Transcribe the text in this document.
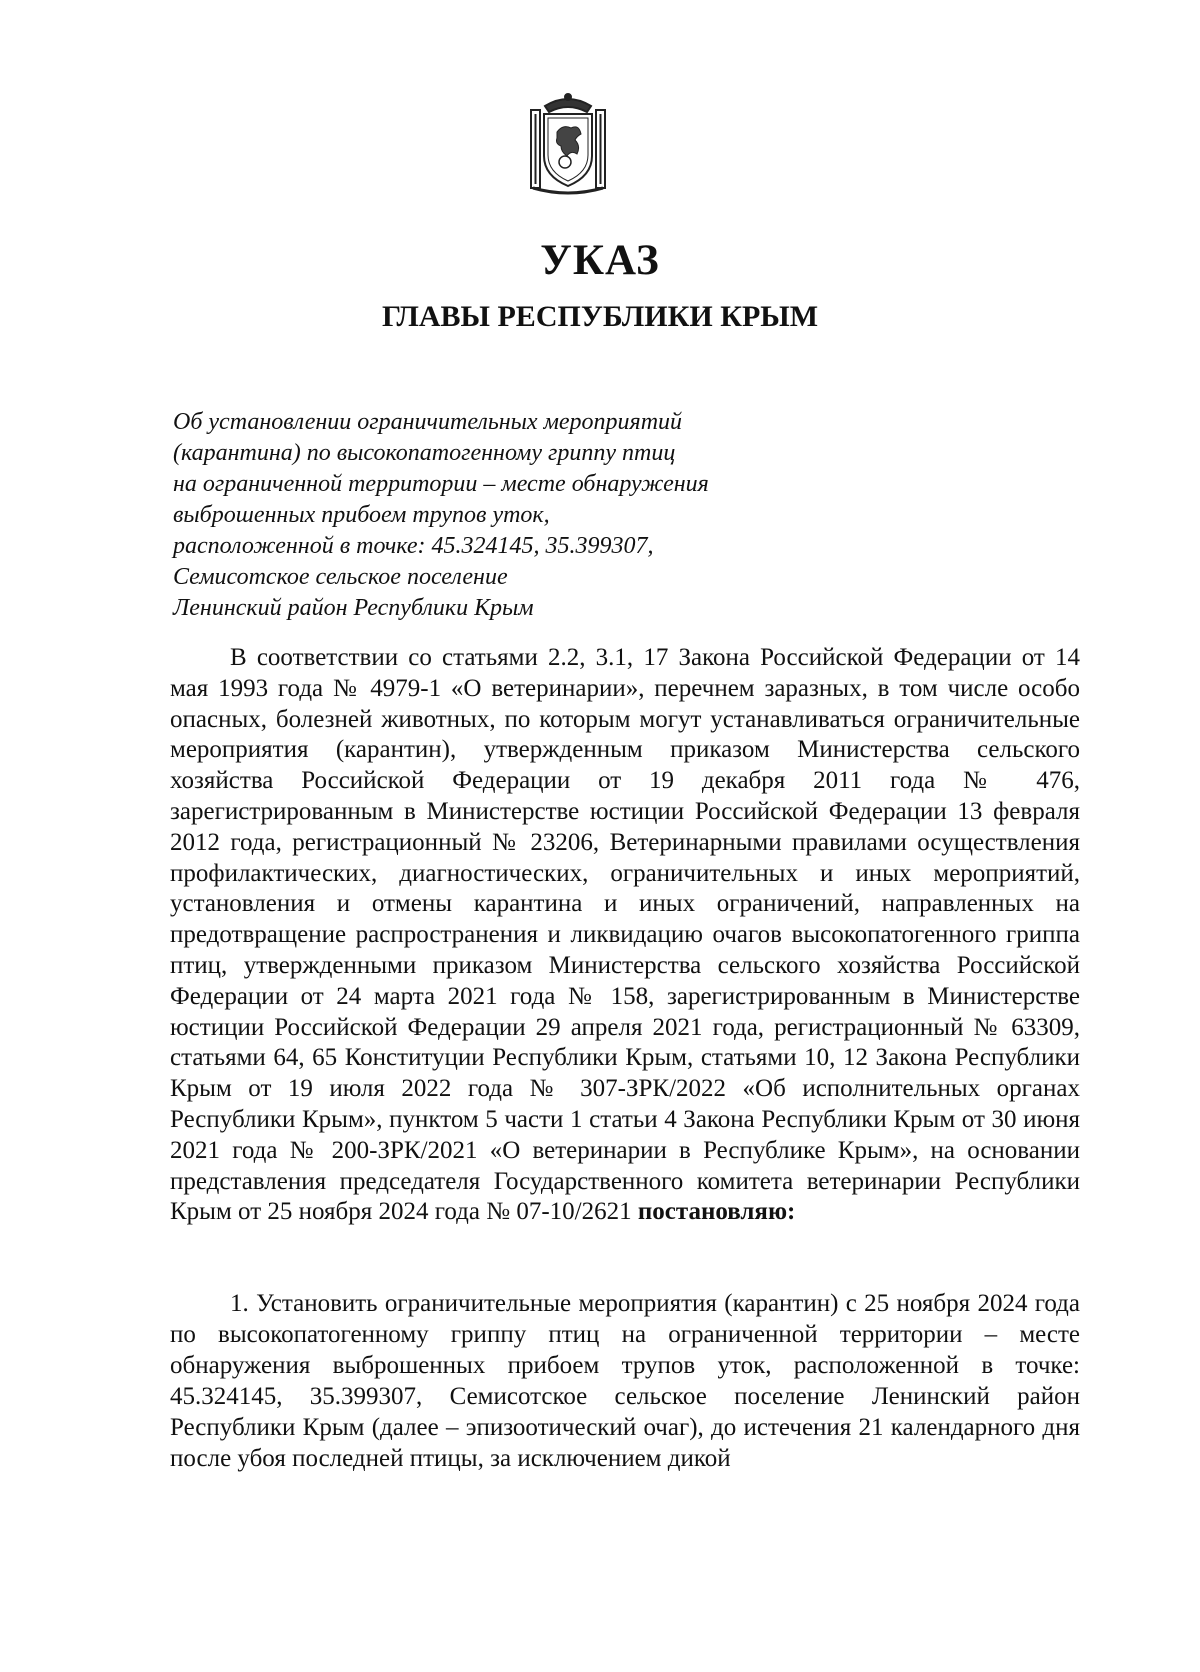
УКАЗ
ГЛАВЫ РЕСПУБЛИКИ КРЫМ
Об установлении ограничительных мероприятий
(карантина) по высокопатогенному гриппу птиц
на ограниченной территории – месте обнаружения
выброшенных прибоем трупов уток,
расположенной в точке: 45.324145, 35.399307,
Семисотское сельское поселение
Ленинский район Республики Крым

В соответствии со статьями 2.2, 3.1, 17 Закона Российской Федерации от 14 мая 1993 года № 4979-1 «О ветеринарии», перечнем заразных, в том числе особо опасных, болезней животных, по которым могут устанавливаться ограничительные мероприятия (карантин), утвержденным приказом Министерства сельского хозяйства Российской Федерации от 19 декабря 2011 года № 476, зарегистрированным в Министерстве юстиции Российской Федерации 13 февраля 2012 года, регистрационный № 23206, Ветеринарными правилами осуществления профилактических, диагностических, ограничительных и иных мероприятий, установления и отмены карантина и иных ограничений, направленных на предотвращение распространения и ликвидацию очагов высокопатогенного гриппа птиц, утвержденными приказом Министерства сельского хозяйства Российской Федерации от 24 марта 2021 года № 158, зарегистрированным в Министерстве юстиции Российской Федерации 29 апреля 2021 года, регистрационный № 63309, статьями 64, 65 Конституции Республики Крым, статьями 10, 12 Закона Республики Крым от 19 июля 2022 года № 307-ЗРК/2022 «Об исполнительных органах Республики Крым», пунктом 5 части 1 статьи 4 Закона Республики Крым от 30 июня 2021 года № 200-ЗРК/2021 «О ветеринарии в Республике Крым», на основании представления председателя Государственного комитета ветеринарии Республики Крым от 25 ноября 2024 года № 07-10/2621 постановляю:

1. Установить ограничительные мероприятия (карантин) с 25 ноября 2024 года по высокопатогенному гриппу птиц на ограниченной территории – месте обнаружения выброшенных прибоем трупов уток, расположенной в точке: 45.324145, 35.399307, Семисотское сельское поселение Ленинский район Республики Крым (далее – эпизоотический очаг), до истечения 21 календарного дня после убоя последней птицы, за исключением дикой
